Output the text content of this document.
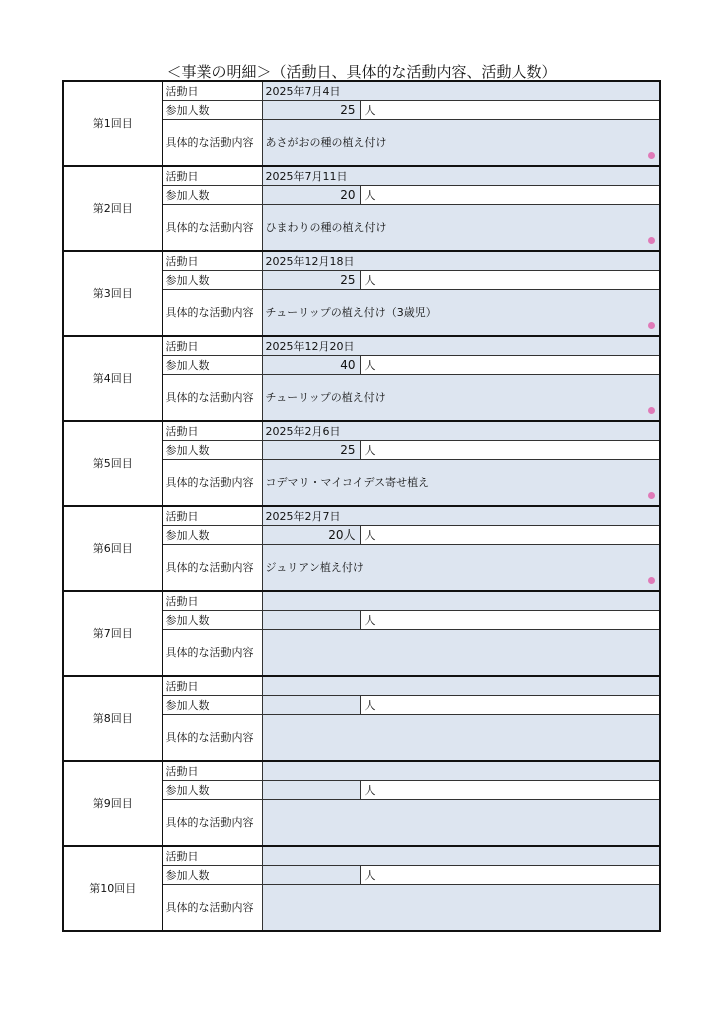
＜事業の明細＞（活動日、具体的な活動内容、活動人数）
第1回目	活動日	2025年7月4日	
	参加人数	25	人
	具体的な活動内容	あさがおの種の植え付け	

第2回目	活動日	2025年7月11日	
	参加人数	20	人
	具体的な活動内容	ひまわりの種の植え付け	

第3回目	活動日	2025年12月18日	
	参加人数	25	人
	具体的な活動内容	チューリップの植え付け（3歳児）	

第4回目	活動日	2025年12月20日	
	参加人数	40	人
	具体的な活動内容	チューリップの植え付け	

第5回目	活動日	2025年2月6日	
	参加人数	25	人
	具体的な活動内容	コデマリ・マイコイデス寄せ植え	

第6回目	活動日	2025年2月7日	
	参加人数	20人	人
	具体的な活動内容	ジュリアン植え付け	

第7回目	活動日		
	参加人数		人
	具体的な活動内容		
第8回目	活動日		
	参加人数		人
	具体的な活動内容		
第9回目	活動日		
	参加人数		人
	具体的な活動内容		
第10回目	活動日		
	参加人数		人
	具体的な活動内容		
